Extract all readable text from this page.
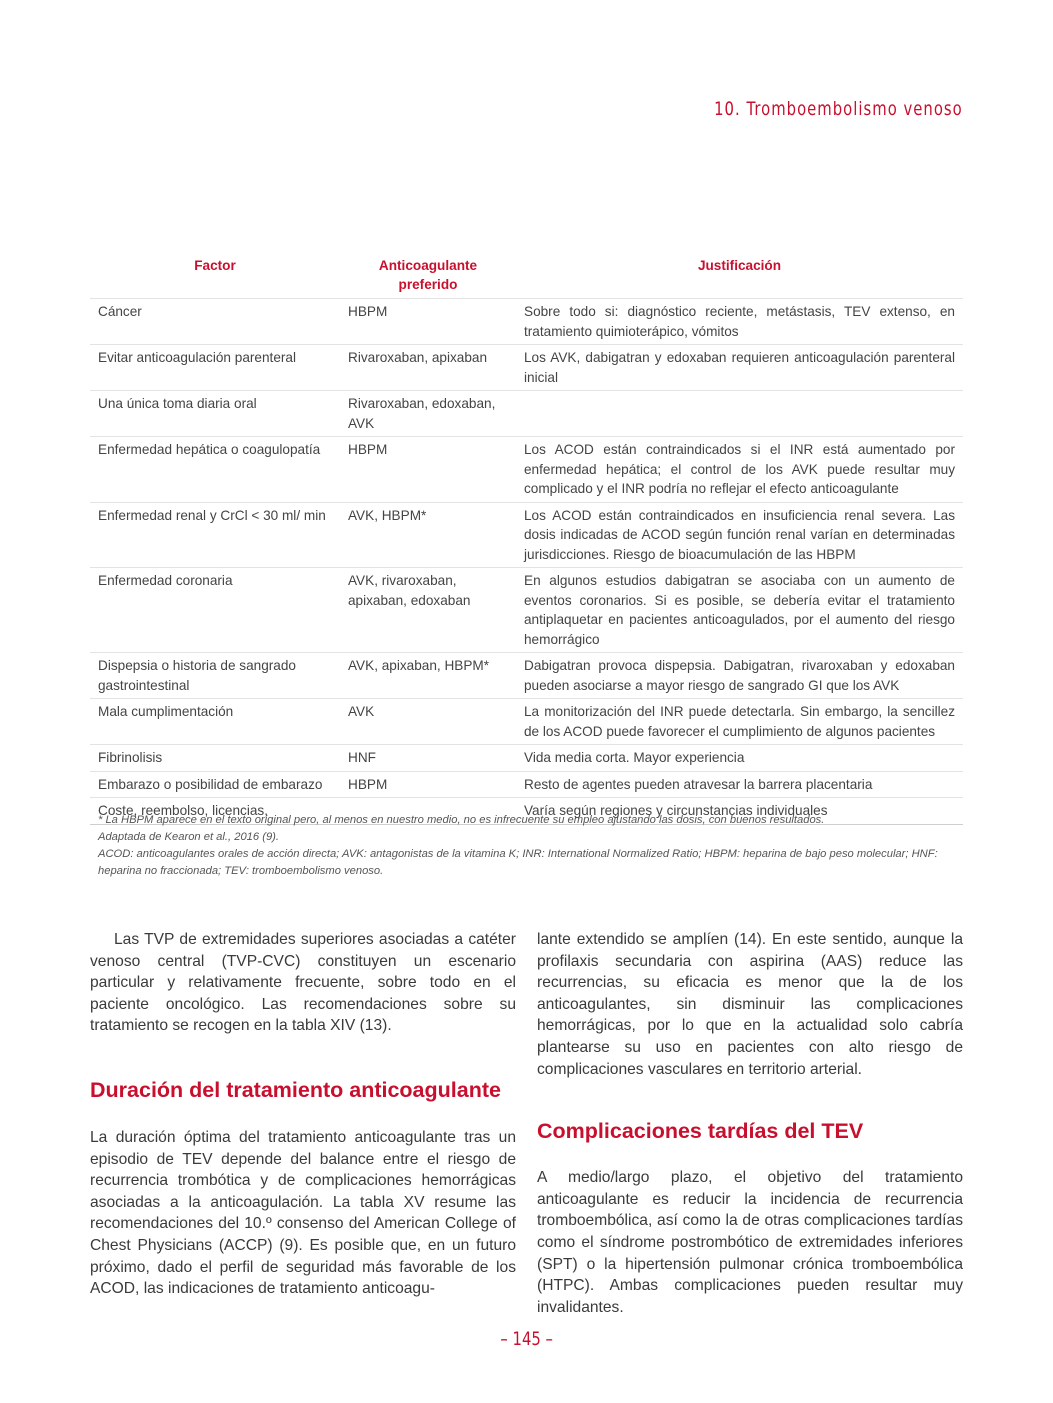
10. Tromboembolismo venoso
Factor	Anticoagulante preferido	Justificación
Cáncer	HBPM	Sobre todo si: diagnóstico reciente, metástasis, TEV extenso, en tratamiento quimioterápico, vómitos
Evitar anticoagulación parenteral	Rivaroxaban, apixaban	Los AVK, dabigatran y edoxaban requieren anticoagulación parenteral inicial
Una única toma diaria oral	Rivaroxaban, edoxaban, AVK	
Enfermedad hepática o coagulopatía	HBPM	Los ACOD están contraindicados si el INR está aumentado por enfermedad hepática; el control de los AVK puede resultar muy complicado y el INR podría no reflejar el efecto anticoagulante
Enfermedad renal y CrCl < 30 ml/ min	AVK, HBPM*	Los ACOD están contraindicados en insuficiencia renal severa. Las dosis indicadas de ACOD según función renal varían en determinadas jurisdicciones. Riesgo de bioacumulación de las HBPM
Enfermedad coronaria	AVK, rivaroxaban, apixaban, edoxaban	En algunos estudios dabigatran se asociaba con un aumento de eventos coronarios. Si es posible, se debería evitar el tratamiento antiplaquetar en pacientes anticoagulados, por el aumento del riesgo hemorrágico
Dispepsia o historia de sangrado gastrointestinal	AVK, apixaban, HBPM*	Dabigatran provoca dispepsia. Dabigatran, rivaroxaban y edoxaban pueden asociarse a mayor riesgo de sangrado GI que los AVK
Mala cumplimentación	AVK	La monitorización del INR puede detectarla. Sin embargo, la sencillez de los ACOD puede favorecer el cumplimiento de algunos pacientes
Fibrinolisis	HNF	Vida media corta. Mayor experiencia
Embarazo o posibilidad de embarazo	HBPM	Resto de agentes pueden atravesar la barrera placentaria
Coste, reembolso, licencias,		Varía según regiones y circunstancias individuales

* La HBPM aparece en el texto original pero, al menos en nuestro medio, no es infrecuente su empleo ajustando las dosis, con buenos resultados.

Adaptada de Kearon et al., 2016 (9).

ACOD: anticoagulantes orales de acción directa; AVK: antagonistas de la vitamina K; INR: International Normalized Ratio; HBPM: heparina de bajo peso molecular; HNF: heparina no fraccionada; TEV: tromboembolismo venoso.

Las TVP de extremidades superiores asociadas a catéter venoso central (TVP-CVC) constituyen un escenario particular y relativamente frecuente, sobre todo en el paciente oncológico. Las recomendaciones sobre su tratamiento se recogen en la tabla XIV (13).

Duración del tratamiento anticoagulante

La duración óptima del tratamiento anticoagulante tras un episodio de TEV depende del balance entre el riesgo de recurrencia trombótica y de complicaciones hemorrágicas asociadas a la anticoagulación. La tabla XV resume las recomendaciones del 10.º consenso del American College of Chest Physicians (ACCP) (9). Es posible que, en un futuro próximo, dado el perfil de seguridad más favorable de los ACOD, las indicaciones de tratamiento anticoagu-

lante extendido se amplíen (14). En este sentido, aunque la profilaxis secundaria con aspirina (AAS) reduce las recurrencias, su eficacia es menor que la de los anticoagulantes, sin disminuir las complicaciones hemorrágicas, por lo que en la actualidad solo cabría plantearse su uso en pacientes con alto riesgo de complicaciones vasculares en territorio arterial.

Complicaciones tardías del TEV

A medio/largo plazo, el objetivo del tratamiento anticoagulante es reducir la incidencia de recurrencia tromboembólica, así como la de otras complicaciones tardías como el síndrome postrombótico de extremidades inferiores (SPT) o la hipertensión pulmonar crónica tromboembólica (HTPC). Ambas complicaciones pueden resultar muy invalidantes.

– 145 –
